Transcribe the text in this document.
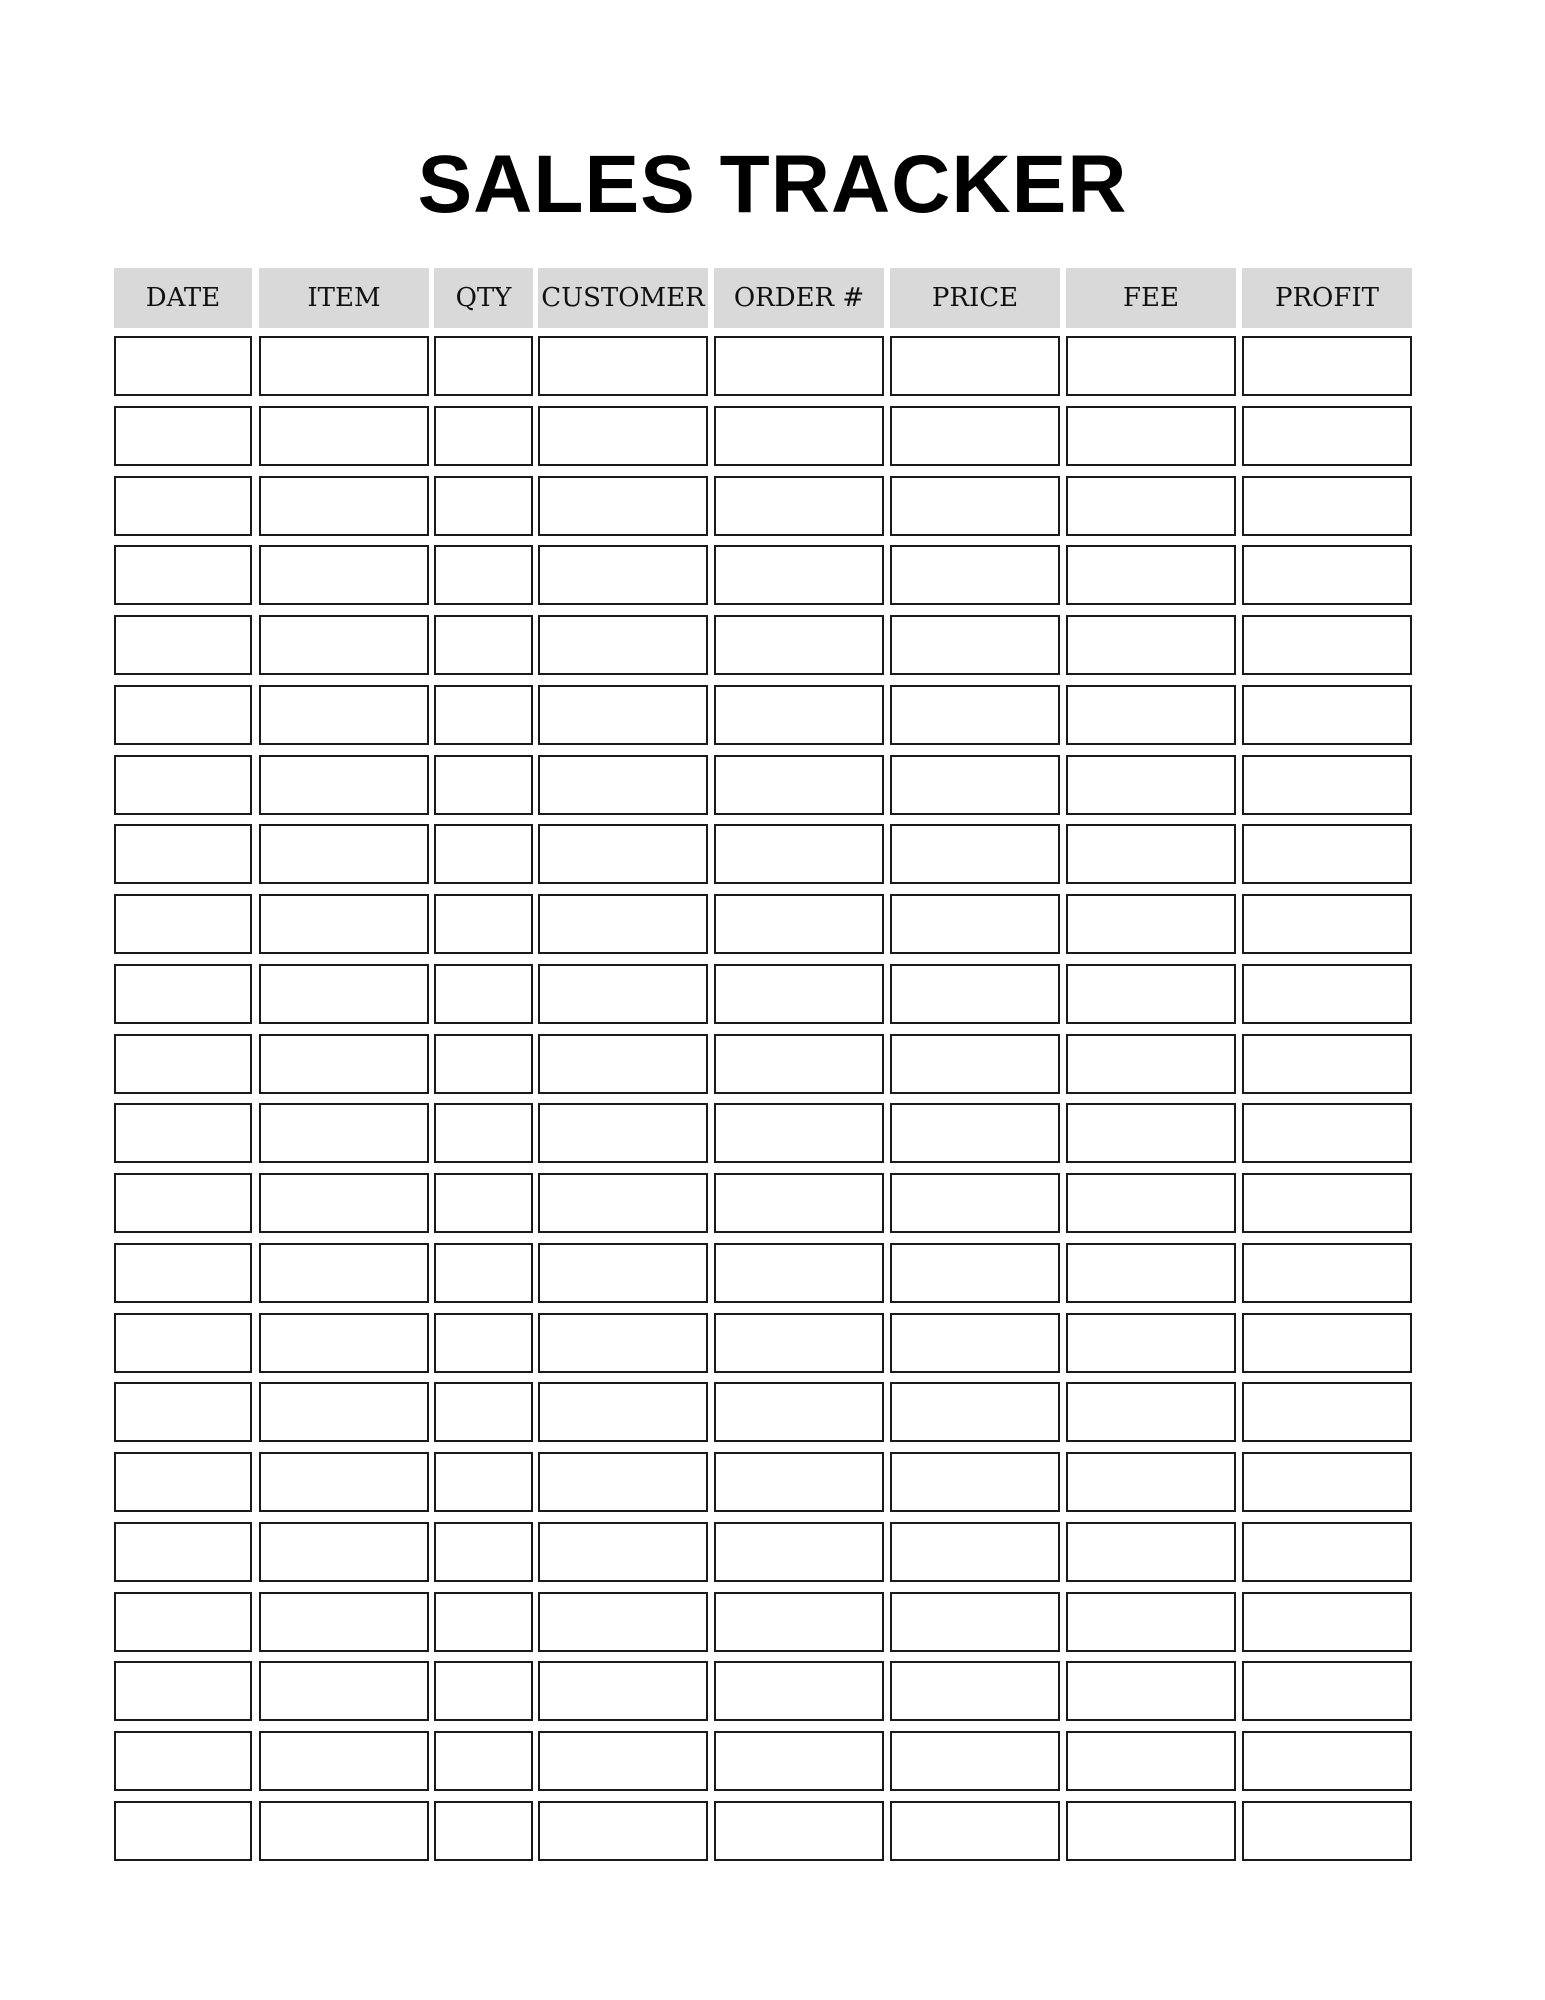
SALES TRACKER
DATE	ITEM	QTY	CUSTOMER	ORDER #	PRICE	FEE	PROFIT
